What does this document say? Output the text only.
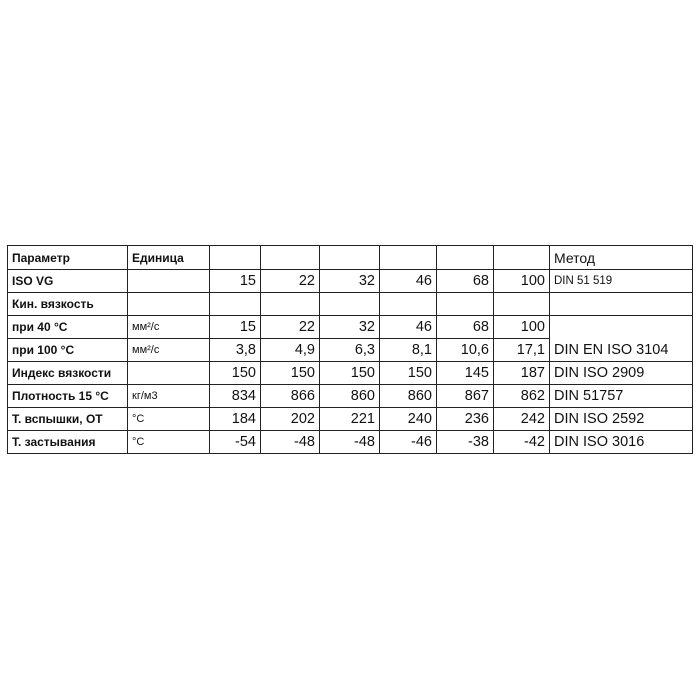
Параметр	Единица							Метод
ISO VG		15	22	32	46	68	100	DIN 51 519
Кин. вязкость								
при 40 °С	мм²/с	15	22	32	46	68	100	
при 100 °С	мм²/с	3,8	4,9	6,3	8,1	10,6	17,1	DIN EN ISO 3104
Индекс вязкости		150	150	150	150	145	187	DIN ISO 2909
Плотность 15 °С	кг/м3	834	866	860	860	867	862	DIN 51757
Т. вспышки, ОТ	°С	184	202	221	240	236	242	DIN ISO 2592
Т. застывания	°С	-54	-48	-48	-46	-38	-42	DIN ISO 3016
